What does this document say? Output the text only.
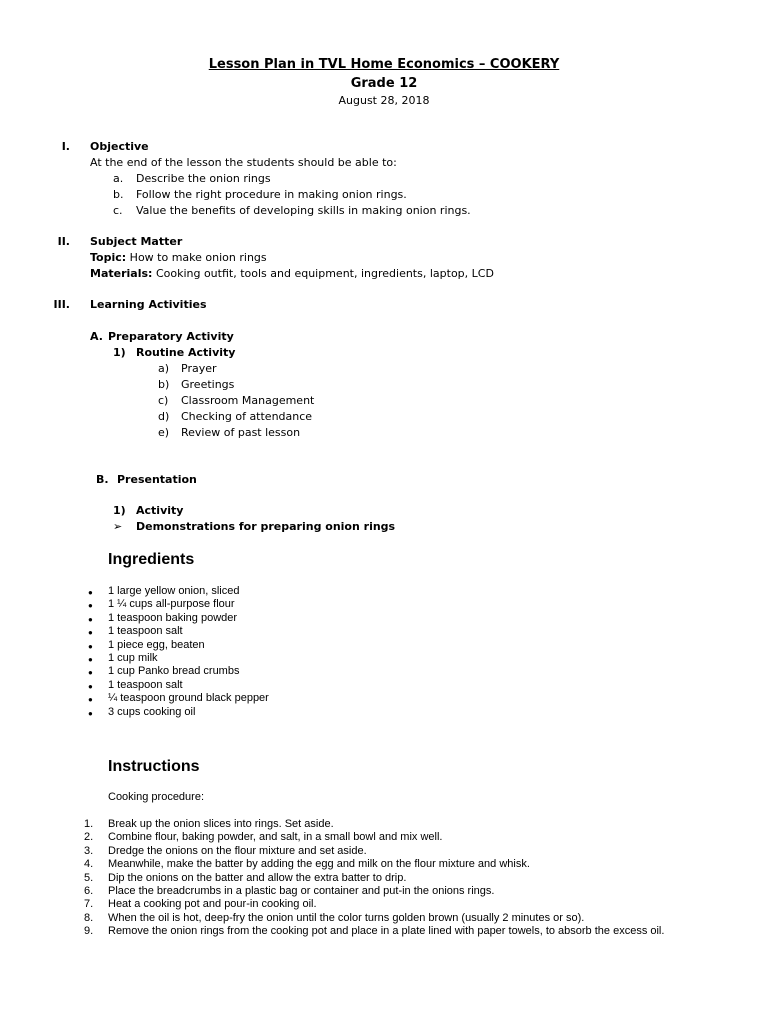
Lesson Plan in TVL Home Economics – COOKERY
Grade 12
August 28, 2018
I. Objective
At the end of the lesson the students should be able to:
a. Describe the onion rings
b. Follow the right procedure in making onion rings.
c. Value the benefits of developing skills in making onion rings.
II. Subject Matter
Topic: How to make onion rings
Materials: Cooking outfit, tools and equipment, ingredients, laptop, LCD
III. Learning Activities
A. Preparatory Activity
1) Routine Activity
a) Prayer
b) Greetings
c) Classroom Management
d) Checking of attendance
e) Review of past lesson
B. Presentation
1) Activity
➢ Demonstrations for preparing onion rings
Ingredients
● 1 large yellow onion, sliced
● 1 ¼ cups all-purpose flour
● 1 teaspoon baking powder
● 1 teaspoon salt
● 1 piece egg, beaten
● 1 cup milk
● 1 cup Panko bread crumbs
● 1 teaspoon salt
● ¼ teaspoon ground black pepper
● 3 cups cooking oil
Instructions
Cooking procedure:
1. Break up the onion slices into rings. Set aside.
2. Combine flour, baking powder, and salt, in a small bowl and mix well.
3. Dredge the onions on the flour mixture and set aside.
4. Meanwhile, make the batter by adding the egg and milk on the flour mixture and whisk.
5. Dip the onions on the batter and allow the extra batter to drip.
6. Place the breadcrumbs in a plastic bag or container and put-in the onions rings.
7. Heat a cooking pot and pour-in cooking oil.
8. When the oil is hot, deep-fry the onion until the color turns golden brown (usually 2 minutes or so).
9. Remove the onion rings from the cooking pot and place in a plate lined with paper towels, to absorb the excess oil.
